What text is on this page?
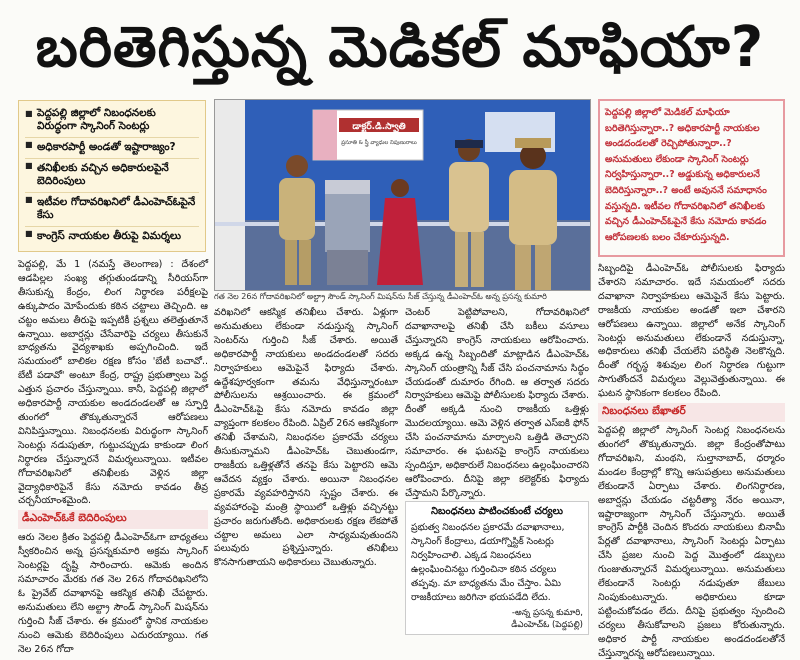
బరితెగిస్తున్న మెడికల్ మాఫియా?
■ పెద్దపల్లి జిల్లాలో నిబంధనలకు విరుద్ధంగా స్కానింగ్ సెంటర్లు
■ అధికారపార్టీ అండతో ఇష్టారాజ్యం?
■ తనిఖీలకు వచ్చిన అధికారులపైనే బెదిరింపులు
■ ఇటీవల గోదావరిఖనిలో డీఎంహెచ్ఓపైనే కేసు
■ కాంగ్రెస్ నాయకుల తీరుపై విమర్శలు
డాక్టర్.డి.స్వాతి
ప్రసూతి & స్త్రీ వ్యాధుల నిపుణురాలు
గత నెల 26న గోదావరిఖనిలో అల్ట్రా సౌండ్ స్కానింగ్ మిషన్‌ను సీజ్ చేస్తున్న డీఎంహెచ్ఓ అన్న ప్రసన్న కుమారి
పెద్దపల్లి జిల్లాలో మెడికల్ మాఫియా బరితెగిస్తున్నారా..? అధికారపార్టీ నాయకుల అండదండలతో రెచ్చిపోతున్నారా..? అనుమతులు లేకుండా స్కానింగ్ సెంటర్లు నిర్వహిస్తున్నారా..? అడ్డుకున్న అధికారులనే బెదిరిస్తున్నారా..? అంటే అవుననే సమాధానం వస్తున్నది. ఇటీవల గోదావరిఖనిలో తనిఖీలకు వచ్చిన డీఎంహెచ్ఓపైనే కేసు నమోదు కావడం ఆరోపణలకు బలం చేకూరుస్తున్నది.

పెద్దపల్లి, మే 1 (నమస్తే తెలంగాణ) : దేశంలో ఆడపిల్లల సంఖ్య తగ్గుతుండడాన్ని సీరియస్‌గా తీసుకున్న కేంద్రం, లింగ నిర్ధారణ పరీక్షలపై ఉక్కుపాదం మోపేందుకు కఠిన చట్టాలు తెచ్చింది. ఆ చట్టం అమలు తీరుపై ఇప్పటికీ ప్రశ్నలు తలెత్తుతూనే ఉన్నాయి. అబార్షన్లు చేసేవారిపై చర్యలు తీసుకునే బాధ్యతను వైద్యశాఖకు అప్పగించింది. ఇదే సమయంలో బాలికల రక్షణ కోసం 'బేటీ బచావో.. బేటీ పడావో' అంటూ కేంద్ర, రాష్ట్ర ప్రభుత్వాలు పెద్ద ఎత్తున ప్రచారం చేస్తున్నాయి. కానీ, పెద్దపల్లి జిల్లాలో అధికారపార్టీ నాయకుల అండదండలతో ఆ స్ఫూర్తి తుంగలో తొక్కుతున్నారనే ఆరోపణలు వినిపిస్తున్నాయి. నిబంధనలకు విరుద్ధంగా స్కానింగ్ సెంటర్లు నడుపుతూ, గుట్టుచప్పుడు కాకుండా లింగ నిర్ధారణ చేస్తున్నారనే విమర్శలున్నాయి. ఇటీవల గోదావరిఖనిలో తనిఖీలకు వెళ్లిన జిల్లా వైద్యాధికారిపైనే కేసు నమోదు కావడం తీవ్ర చర్చనీయాంశమైంది.

డీఎంహెచ్ఓకే బెదిరింపులు

ఆరు నెలల క్రితం పెద్దపల్లి డీఎంహెచ్ఓగా బాధ్యతలు స్వీకరించిన అన్న ప్రసన్నకుమారి అక్రమ స్కానింగ్ సెంటర్లపై దృష్టి సారించారు. ఆమెకు అందిన సమాచారం మేరకు గత నెల 26న గోదావరిఖనిలోని ఓ ప్రైవేట్ దవాఖానపై ఆకస్మిక తనిఖీ చేపట్టారు. అనుమతులు లేని అల్ట్రా సౌండ్ స్కానింగ్ మిషన్‌ను గుర్తించి సీజ్ చేశారు. ఈ క్రమంలో స్థానిక నాయకుల నుంచి ఆమెకు బెదిరింపులు ఎదురయ్యాయి. గత నెల 26న గోదా

వరిఖనిలో ఆకస్మిక తనిఖీలు చేశారు. ఏళ్లుగా అనుమతులు లేకుండా నడుస్తున్న స్కానింగ్ సెంటర్‌ను గుర్తించి సీజ్ చేశారు. అయితే అధికారపార్టీ నాయకులు అండదండలతో సదరు నిర్వాహకులు ఆమెపైనే ఫిర్యాదు చేశారు. ఉద్దేశపూర్వకంగా తమను వేధిస్తున్నారంటూ పోలీసులను ఆశ్రయించారు. ఈ క్రమంలో డీఎంహెచ్ఓపై కేసు నమోదు కావడం జిల్లా వ్యాప్తంగా కలకలం రేపింది. ఏప్రిల్ 26న ఆకస్మికంగా తనిఖీ చేశామని, నిబంధనల ప్రకారమే చర్యలు తీసుకున్నామని డీఎంహెచ్ఓ చెబుతుండగా, రాజకీయ ఒత్తిళ్లతోనే తనపై కేసు పెట్టారని ఆమె ఆవేదన వ్యక్తం చేశారు. అయినా నిబంధనల ప్రకారమే వ్యవహరిస్తానని స్పష్టం చేశారు. ఈ వ్యవహారంపై మంత్రి స్థాయిలో ఒత్తిళ్లు వచ్చినట్టు ప్రచారం జరుగుతోంది. అధికారులకు రక్షణ లేకపోతే చట్టాల అమలు ఎలా సాధ్యమవుతుందని పలువురు ప్రశ్నిస్తున్నారు. తనిఖీలు కొనసాగుతాయని అధికారులు చెబుతున్నారు.

చెంటర్ పెట్టిపోవాలని, గోదావరిఖనిలో దవాఖానాలపై తనిఖీ చేసి బకీలు వసూలు చేస్తున్నారని కాంగ్రెస్ నాయకులు ఆరోపించారు. అక్కడ ఉన్న సిబ్బందితో మాట్లాడిన డీఎంహెచ్ఓ స్కానింగ్ యంత్రాన్ని సీజ్ చేసి పంచనామాను సిద్ధం చేయడంతో దుమారం రేగింది. ఆ తర్వాత సదరు నిర్వాహకులు ఆమెపై పోలీసులకు ఫిర్యాదు చేశారు. దీంతో అక్కడి నుంచి రాజకీయ ఒత్తిళ్లు మొదలయ్యాయి. ఆమె వెళ్లిన తర్వాత ఎస్ఐకి ఫోన్ చేసి పంచనామాను మార్చాలని ఒత్తిడి తెచ్చారని సమాచారం. ఈ ఘటనపై కాంగ్రెస్ నాయకులు స్పందిస్తూ, అధికారులే నిబంధనలు ఉల్లంఘించారని ఆరోపించారు. దీనిపై జిల్లా కలెక్టర్‌కు ఫిర్యాదు చేస్తామని పేర్కొన్నారు.

నిబంధనలు పాటించకుంటే చర్యలు
ప్రభుత్వ నిబంధనల ప్రకారమే దవాఖానాలు, స్కానింగ్ కేంద్రాలు, డయాగ్నొస్టిక్ సెంటర్లు నిర్వహించాలి. ఎక్కడ నిబంధనలు ఉల్లంఘించినట్టు గుర్తించినా కఠిన చర్యలు తప్పవు. మా బాధ్యతను మేం చేస్తాం. ఏమి రాజకీయాలు జరిగినా భయపడేది లేదు.
-అన్న ప్రసన్న కుమారి,
డీఎంహెచ్ఓ (పెద్దపల్లి)

సిబ్బందిపై డీఎంహెచ్ఓ పోలీసులకు ఫిర్యాదు చేశారని సమాచారం. ఇదే సమయంలో సదరు దవాఖానా నిర్వాహకులు ఆమెపైనే కేసు పెట్టారు. రాజకీయ నాయకుల అండతో ఇలా చేశారని ఆరోపణలు ఉన్నాయి. జిల్లాలో అనేక స్కానింగ్ సెంటర్లు అనుమతులు లేకుండానే నడుస్తున్నా, అధికారులు తనిఖీ చేయలేని పరిస్థితి నెలకొన్నది. దీంతో గర్భస్థ శిశువుల లింగ నిర్ధారణ గుట్టుగా సాగుతోందనే విమర్శలు వెల్లువెత్తుతున్నాయి. ఈ ఘటన స్థానికంగా కలకలం రేపింది.

నిబంధనలు బేఖాతర్

పెద్దపల్లి జిల్లాలో స్కానింగ్ సెంటర్ల నిబంధనలను తుంగలో తొక్కుతున్నారు. జిల్లా కేంద్రంతోపాటు గోదావరిఖని, మంథని, సుల్తానాబాద్, ధర్మారం మండల కేంద్రాల్లో కొన్ని ఆసుపత్రులు అనుమతులు లేకుండానే ఏర్పాటు చేశారు. లింగనిర్ధారణ, అబార్షన్లు చేయడం చట్టరీత్యా నేరం అయినా, ఇష్టారాజ్యంగా స్కానింగ్ చేస్తున్నారు. అయితే కాంగ్రెస్ పార్టీకి చెందిన కొందరు నాయకులు బినామీ పేర్లతో దవాఖానాలు, స్కానింగ్ సెంటర్లు ఏర్పాటు చేసి ప్రజల నుంచి పెద్ద మొత్తంలో డబ్బులు గుంజుతున్నారనే విమర్శలున్నాయి. అనుమతులు లేకుండానే సెంటర్లు నడుపుతూ జేబులు నింపుకుంటున్నారు. అధికారులు కూడా పట్టించుకోవడం లేదు. దీనిపై ప్రభుత్వం స్పందించి చర్యలు తీసుకోవాలని ప్రజలు కోరుతున్నారు. అధికార పార్టీ నాయకుల అండదండలతోనే చేస్తున్నారన్న ఆరోపణలున్నాయి.
